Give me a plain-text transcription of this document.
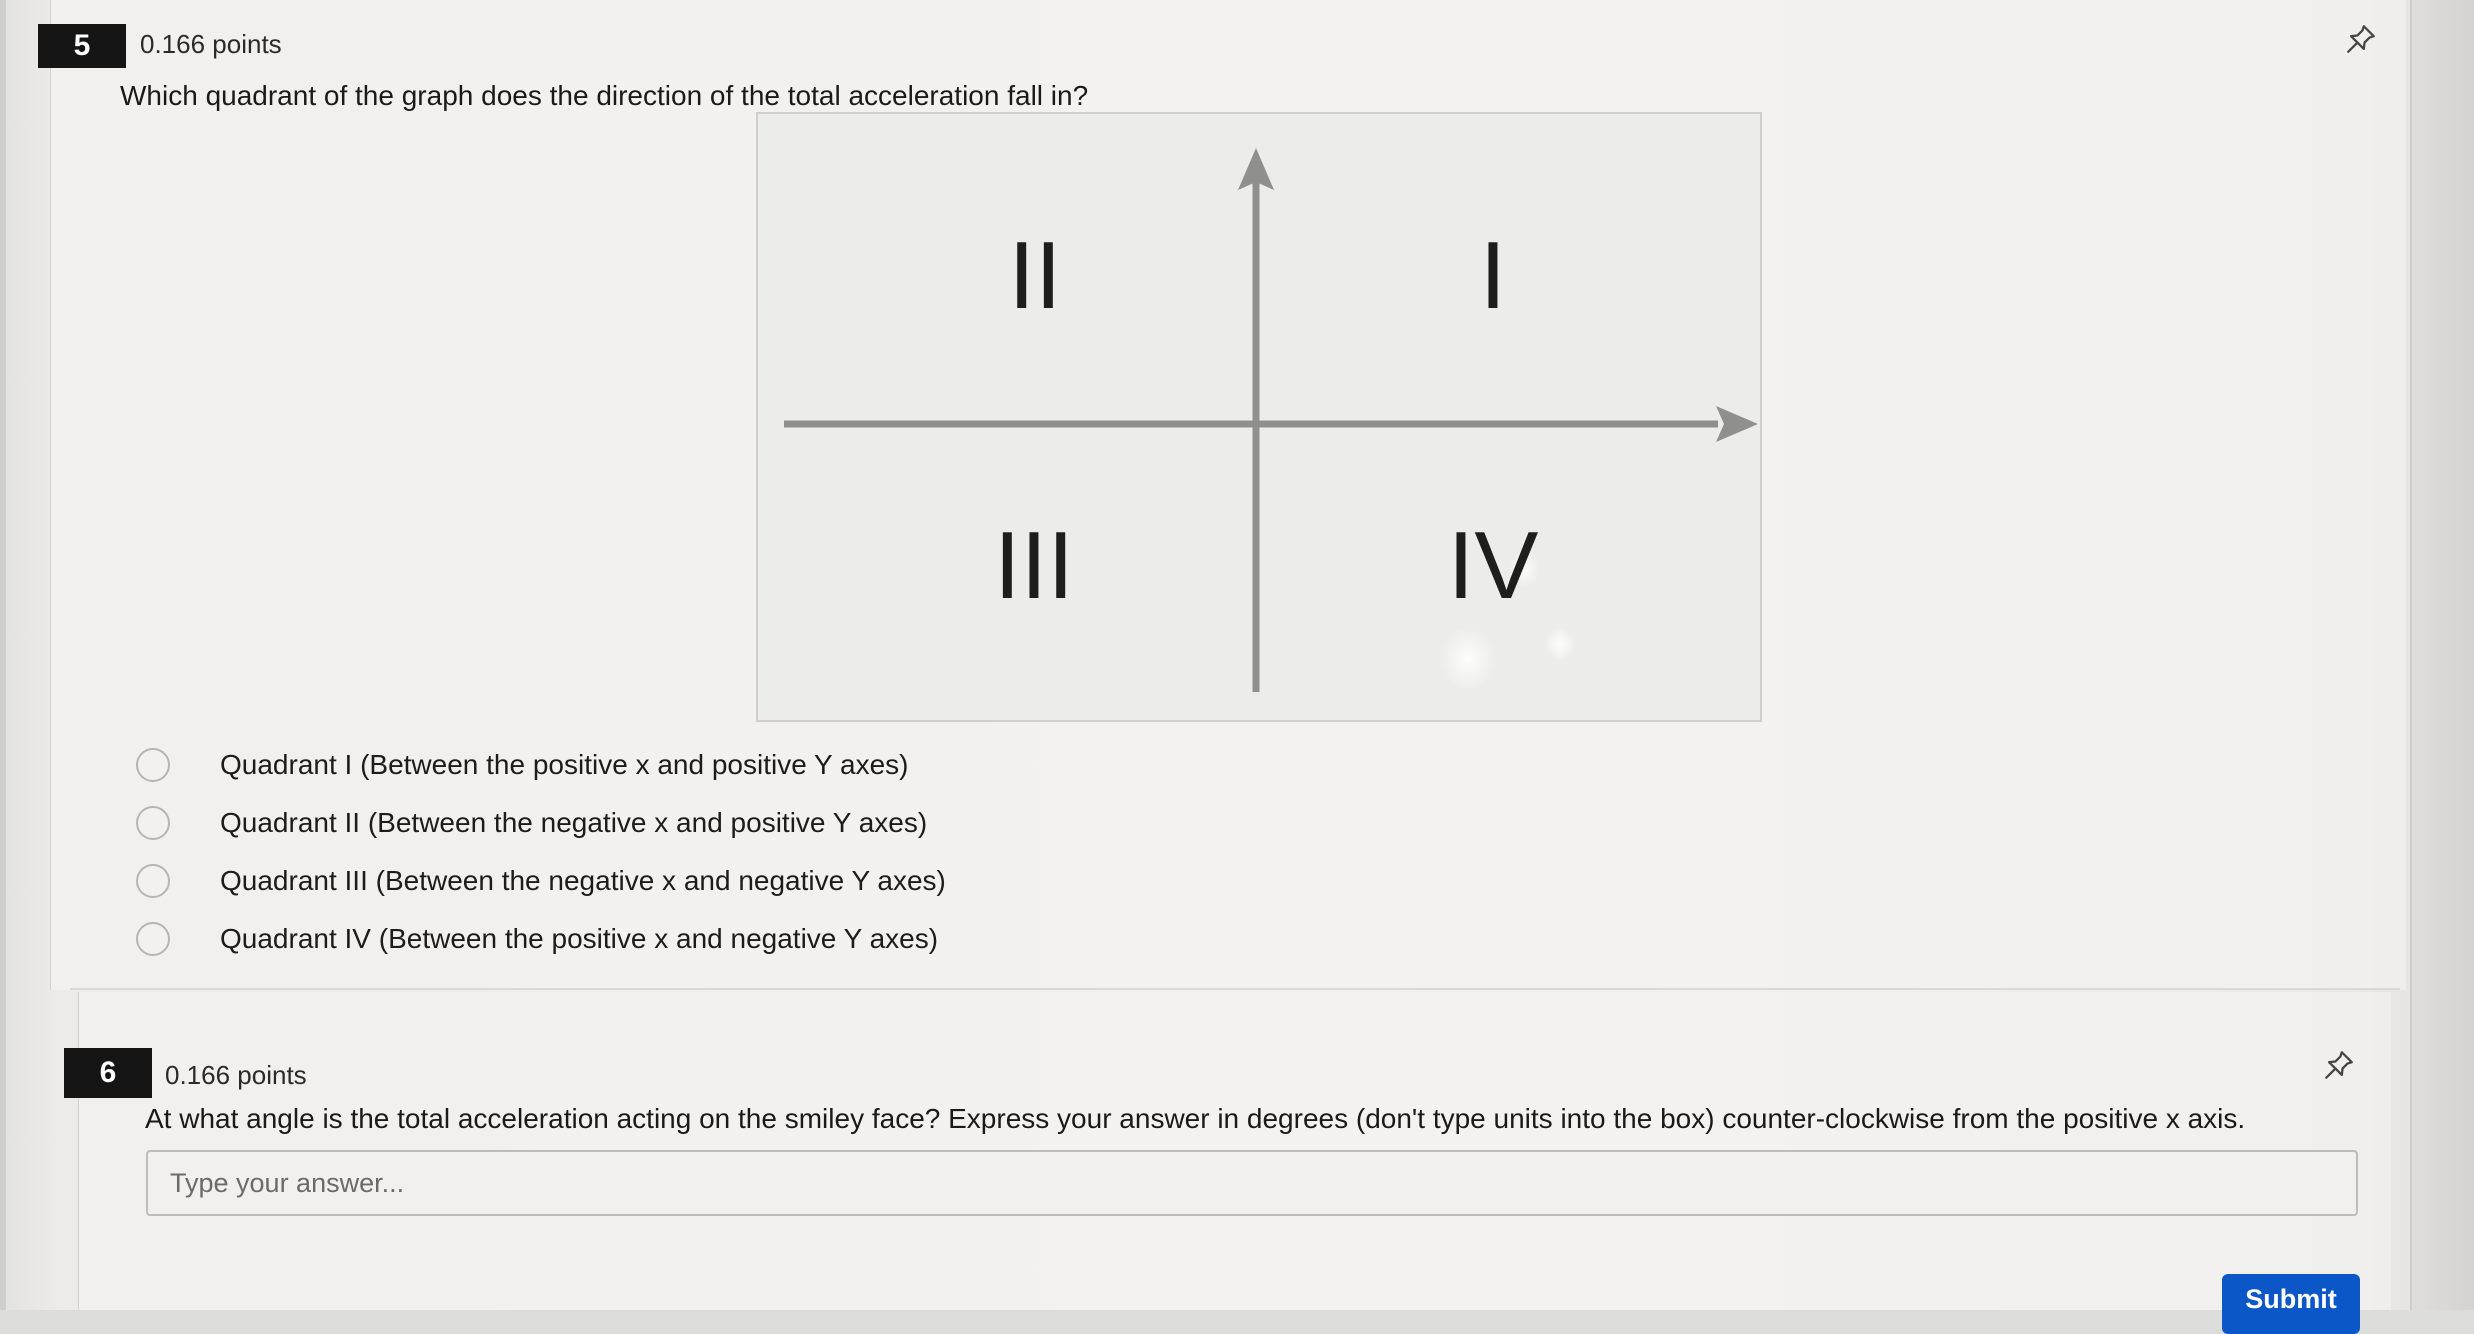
5	0.166 points
Which quadrant of the graph does the direction of the total acceleration fall in?
II	I
III	IV
Quadrant I (Between the positive x and positive Y axes)
Quadrant II (Between the negative x and positive Y axes)
Quadrant III (Between the negative x and negative Y axes)
Quadrant IV (Between the positive x and negative Y axes)
6	0.166 points
At what angle is the total acceleration acting on the smiley face? Express your answer in degrees (don't type units into the box) counter-clockwise from the positive x axis.
Type your answer...
Submit
